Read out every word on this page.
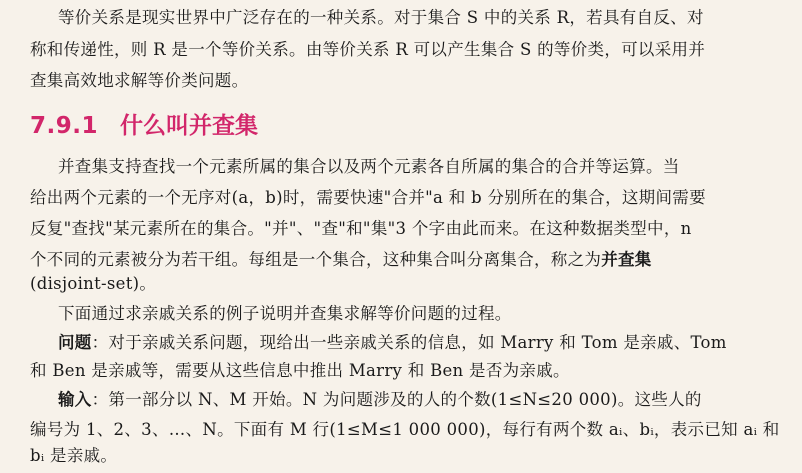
等价关系是现实世界中广泛存在的一种关系。对于集合 S 中的关系 R，若具有自反、对
称和传递性，则 R 是一个等价关系。由等价关系 R 可以产生集合 S 的等价类，可以采用并
查集高效地求解等价类问题。
7.9.1 什么叫并查集
并查集支持查找一个元素所属的集合以及两个元素各自所属的集合的合并等运算。当
给出两个元素的一个无序对(a，b)时，需要快速"合并"a 和 b 分别所在的集合，这期间需要
反复"查找"某元素所在的集合。"并"、"查"和"集"3 个字由此而来。在这种数据类型中，n
个不同的元素被分为若干组。每组是一个集合，这种集合叫分离集合，称之为并查集
(disjoint-set)。
下面通过求亲戚关系的例子说明并查集求解等价问题的过程。
问题：对于亲戚关系问题，现给出一些亲戚关系的信息，如 Marry 和 Tom 是亲戚、Tom
和 Ben 是亲戚等，需要从这些信息中推出 Marry 和 Ben 是否为亲戚。
输入：第一部分以 N、M 开始。N 为问题涉及的人的个数(1≤N≤20 000)。这些人的
编号为 1、2、3、…、N。下面有 M 行(1≤M≤1 000 000)，每行有两个数 aᵢ、bᵢ，表示已知 aᵢ 和
bᵢ 是亲戚。
